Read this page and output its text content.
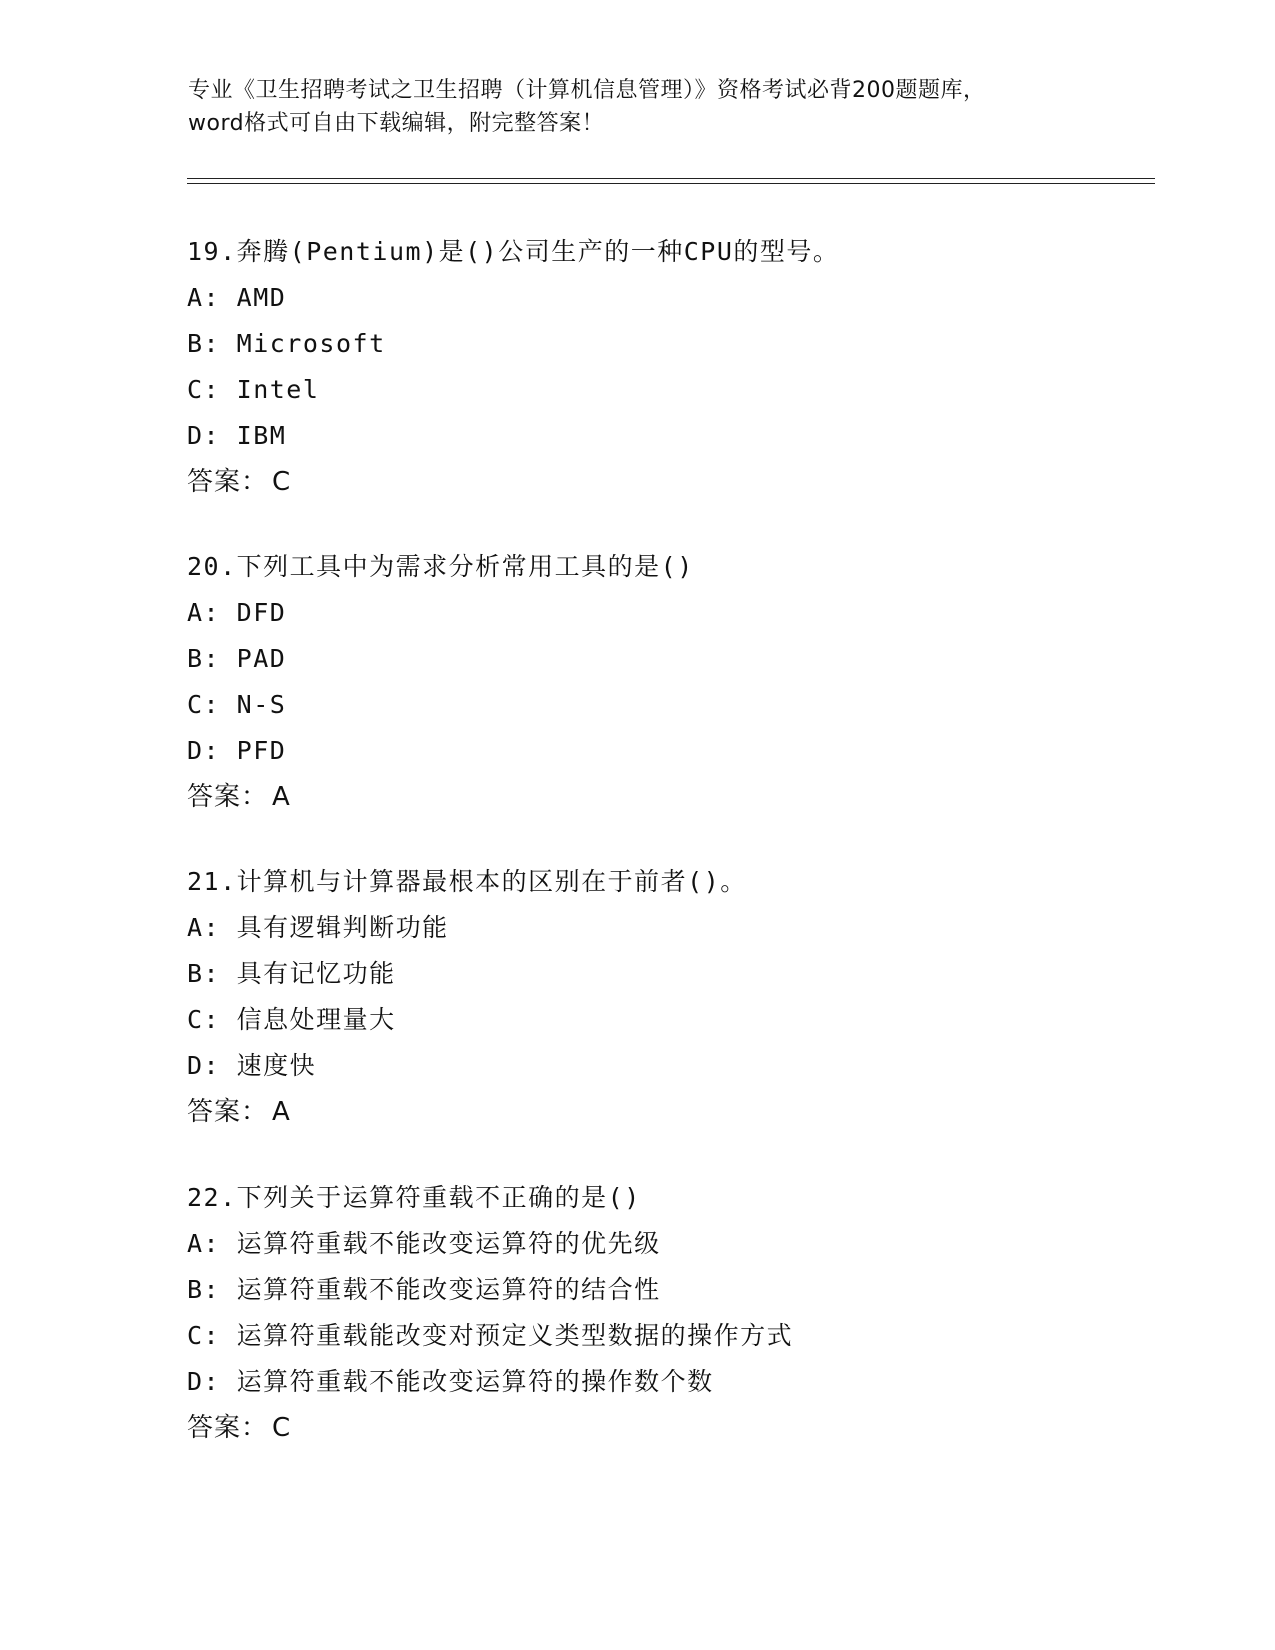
专业《卫生招聘考试之卫生招聘（计算机信息管理）》资格考试必背200题题库，

word格式可自由下载编辑，附完整答案！

19.奔腾(Pentium)是()公司生产的一种CPU的型号。
A: AMD
B: Microsoft
C: Intel
D: IBM
答案： C
20.下列工具中为需求分析常用工具的是()
A: DFD
B: PAD
C: N-S
D: PFD
答案： A
21.计算机与计算器最根本的区别在于前者()。
A: 具有逻辑判断功能
B: 具有记忆功能
C: 信息处理量大
D: 速度快
答案： A
22.下列关于运算符重载不正确的是()
A: 运算符重载不能改变运算符的优先级
B: 运算符重载不能改变运算符的结合性
C: 运算符重载能改变对预定义类型数据的操作方式
D: 运算符重载不能改变运算符的操作数个数
答案： C
